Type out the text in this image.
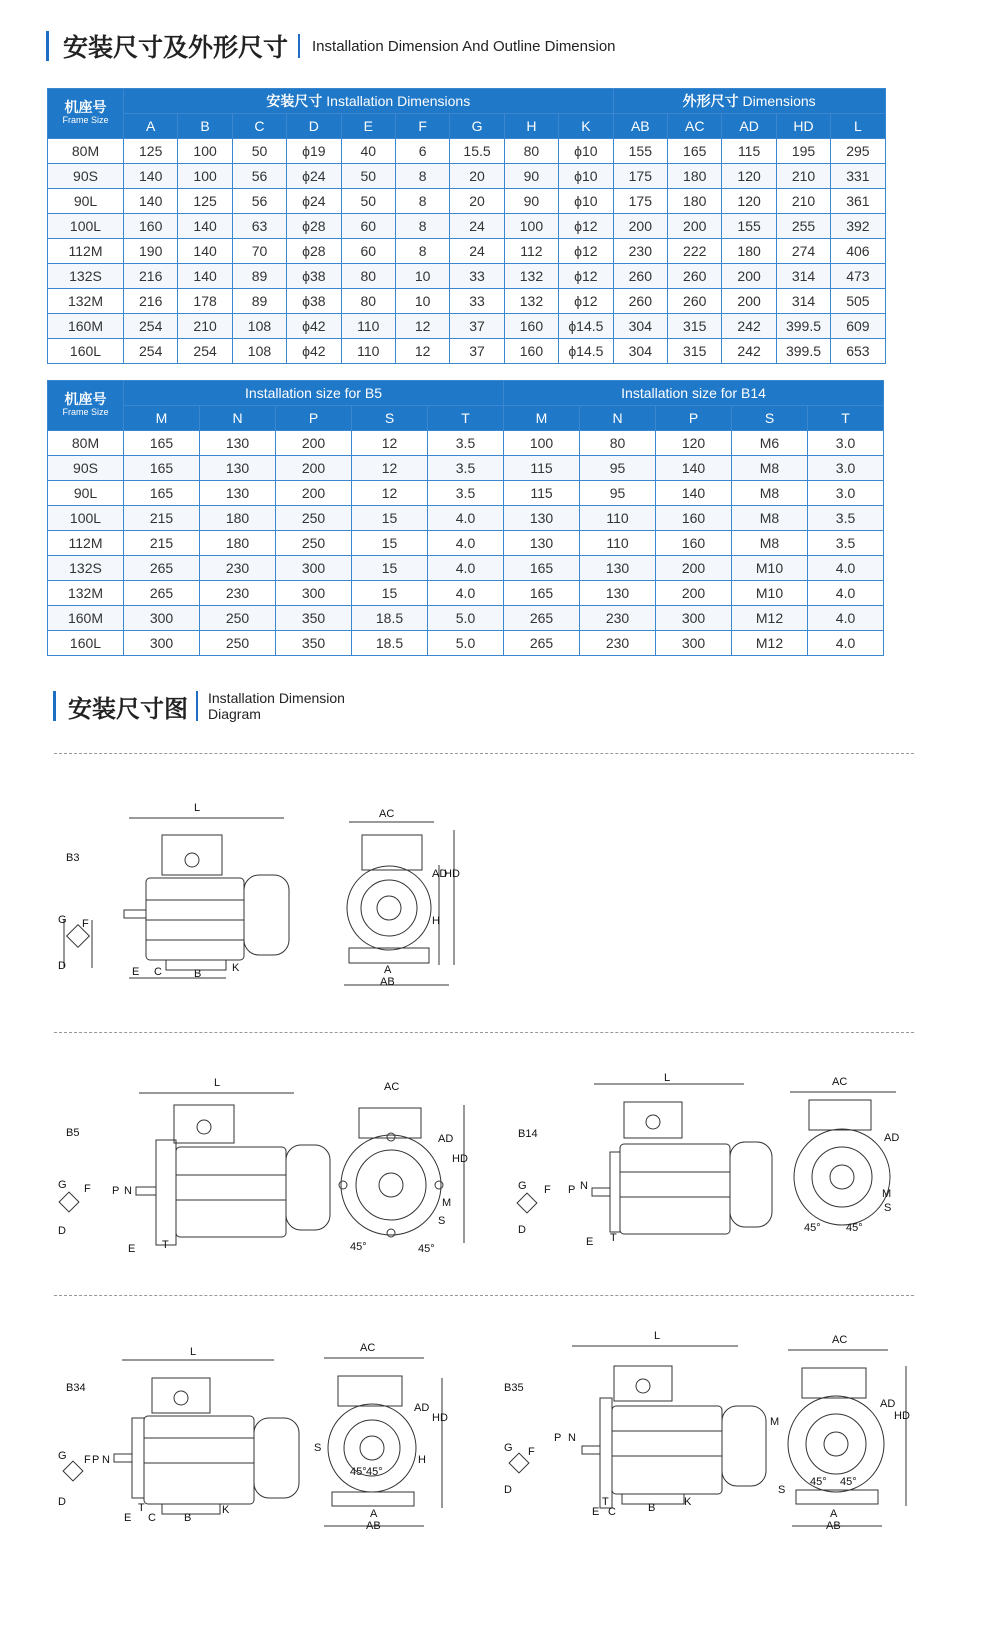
安装尺寸及外形尺寸 Installation Dimension And Outline Dimension
机座号
Frame Size	安装尺寸 Installation Dimensions									外形尺寸 Dimensions				
	A	B	C	D	E	F	G	H	K	AB	AC	AD	HD	L
80M	125	100	50	ϕ19	40	6	15.5	80	ϕ10	155	165	115	195	295
90S	140	100	56	ϕ24	50	8	20	90	ϕ10	175	180	120	210	331
90L	140	125	56	ϕ24	50	8	20	90	ϕ10	175	180	120	210	361
100L	160	140	63	ϕ28	60	8	24	100	ϕ12	200	200	155	255	392
112M	190	140	70	ϕ28	60	8	24	112	ϕ12	230	222	180	274	406
132S	216	140	89	ϕ38	80	10	33	132	ϕ12	260	260	200	314	473
132M	216	178	89	ϕ38	80	10	33	132	ϕ12	260	260	200	314	505
160M	254	210	108	ϕ42	110	12	37	160	ϕ14.5	304	315	242	399.5	609
160L	254	254	108	ϕ42	110	12	37	160	ϕ14.5	304	315	242	399.5	653
机座号
Frame Size	Installation size for B5					Installation size for B14				
	M	N	P	S	T	M	N	P	S	T
80M	165	130	200	12	3.5	100	80	120	M6	3.0
90S	165	130	200	12	3.5	115	95	140	M8	3.0
90L	165	130	200	12	3.5	115	95	140	M8	3.0
100L	215	180	250	15	4.0	130	110	160	M8	3.5
112M	215	180	250	15	4.0	130	110	160	M8	3.5
132S	265	230	300	15	4.0	165	130	200	M10	4.0
132M	265	230	300	15	4.0	165	130	200	M10	4.0
160M	300	250	350	18.5	5.0	265	230	300	M12	4.0
160L	300	250	350	18.5	5.0	265	230	300	M12	4.0
安装尺寸图 Installation Dimension
Diagram
B3
L
G F
D	E C	B	K
AC
AD
HD
H
A
AB
B5
L
G F
D
P N
E T
AC
AD
HD
M
S
45°	45°
B14
L
G F
D
P N
E T
AC
AD
M
S
45° 45°
B34
L
G F P N
D	T
E C	B
K
AC
AD
HD
H
S
45° 45°
A
AB
B35
L
G F
D
P N
T
E C	B	K
AC
AD
HD
M
S
45° 45°
A
AB
